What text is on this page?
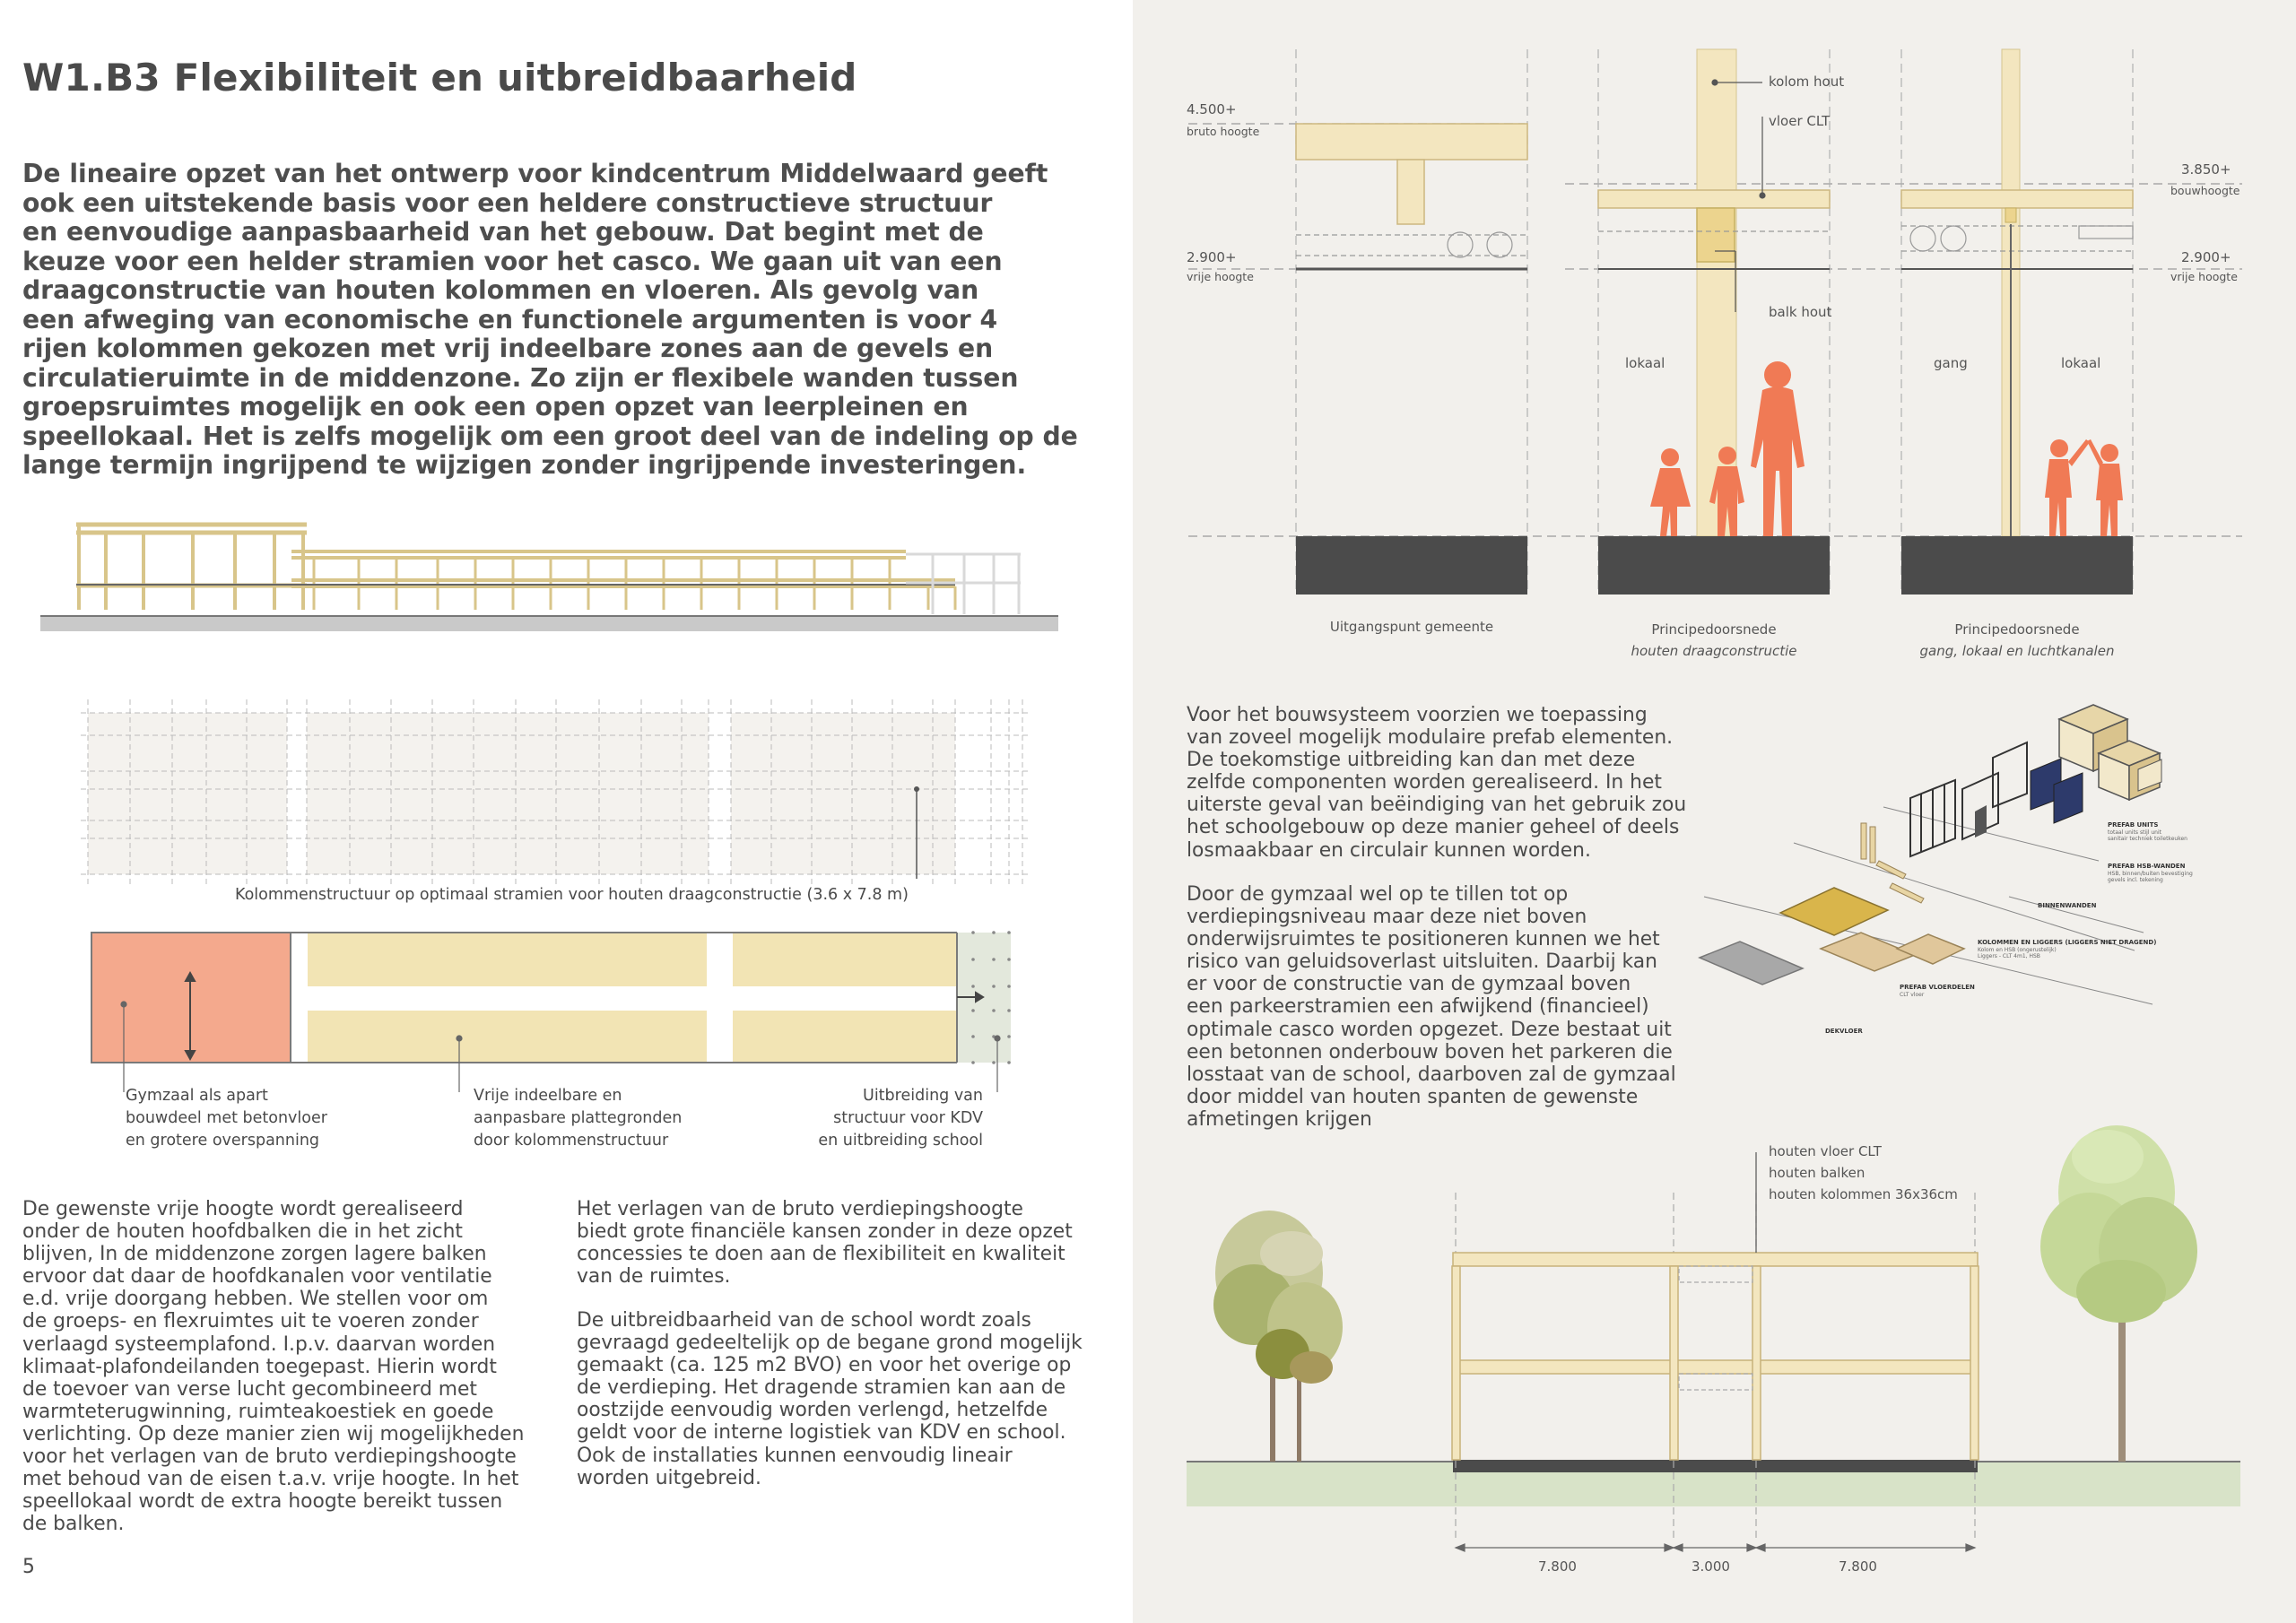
W1.B3 Flexibiliteit en uitbreidbaarheid
De lineaire opzet van het ontwerp voor kindcentrum Middelwaard geeft
ook een uitstekende basis voor een heldere constructieve structuur
en eenvoudige aanpasbaarheid van het gebouw. Dat begint met de
keuze voor een helder stramien voor het casco. We gaan uit van een
draagconstructie van houten kolommen en vloeren. Als gevolg van
een afweging van economische en functionele argumenten is voor 4
rijen kolommen gekozen met vrij indeelbare zones aan de gevels en
circulatieruimte in de middenzone. Zo zijn er flexibele wanden tussen
groepsruimtes mogelijk en ook een open opzet van leerpleinen en
speellokaal. Het is zelfs mogelijk om een groot deel van de indeling op de
lange termijn ingrijpend te wijzigen zonder ingrijpende investeringen.
Kolommenstructuur op optimaal stramien voor houten draagconstructie (3.6 x 7.8 m)
Gymzaal als apart
bouwdeel met betonvloer
en grotere overspanning
Vrije indeelbare en
aanpasbare plattegronden
door kolommenstructuur
Uitbreiding van
structuur voor KDV
en uitbreiding school
De gewenste vrije hoogte wordt gerealiseerd
onder de houten hoofdbalken die in het zicht
blijven, In de middenzone zorgen lagere balken
ervoor dat daar de hoofdkanalen voor ventilatie
e.d. vrije doorgang hebben. We stellen voor om
de groeps- en flexruimtes uit te voeren zonder
verlaagd systeemplafond. I.p.v. daarvan worden
klimaat-plafondeilanden toegepast. Hierin wordt
de toevoer van verse lucht gecombineerd met
warmteterugwinning, ruimteakoestiek en goede
verlichting. Op deze manier zien wij mogelijkheden
voor het verlagen van de bruto verdiepingshoogte
met behoud van de eisen t.a.v. vrije hoogte. In het
speellokaal wordt de extra hoogte bereikt tussen
de balken.
Het verlagen van de bruto verdiepingshoogte
biedt grote financiële kansen zonder in deze opzet
concessies te doen aan de flexibiliteit en kwaliteit
van de ruimtes.
De uitbreidbaarheid van de school wordt zoals
gevraagd gedeeltelijk op de begane grond mogelijk
gemaakt (ca. 125 m2 BVO) en voor het overige op
de verdieping. Het dragende stramien kan aan de
oostzijde eenvoudig worden verlengd, hetzelfde
geldt voor de interne logistiek van KDV en school.
Ook de installaties kunnen eenvoudig lineair
worden uitgebreid.
5
4.500+
bruto hoogte
2.900+
vrije hoogte
3.850+
bouwhoogte
2.900+
vrije hoogte
kolom hout
vloer CLT
balk hout
lokaal	gang	lokaal
Uitgangspunt gemeente	Principedoorsnede
houten draagconstructie
Principedoorsnede
gang, lokaal en luchtkanalen
Voor het bouwsysteem voorzien we toepassing
van zoveel mogelijk modulaire prefab elementen.
De toekomstige uitbreiding kan dan met deze
zelfde componenten worden gerealiseerd. In het
uiterste geval van beëindiging van het gebruik zou
het schoolgebouw op deze manier geheel of deels
losmaakbaar en circulair kunnen worden.
Door de gymzaal wel op te tillen tot op
verdiepingsniveau maar deze niet boven
onderwijsruimtes te positioneren kunnen we het
risico van geluidsoverlast uitsluiten. Daarbij kan
er voor de constructie van de gymzaal boven
een parkeerstramien een afwijkend (financieel)
optimale casco worden opgezet. Deze bestaat uit
een betonnen onderbouw boven het parkeren die
losstaat van de school, daarboven zal de gymzaal
door middel van houten spanten de gewenste
afmetingen krijgen
PREFAB UNITS
totaal units stijl unit
sanitair techniek toiletkeuken
PREFAB HSB-WANDEN
HSB, binnen/buiten bevestiging
gevels incl. tekening
BINNENWANDEN
KOLOMMEN EN LIGGERS (LIGGERS NIET DRAGEND)
Kolom en HSB (ongerustelijk)
Liggers - CLT 4m1, HSB
PREFAB VLOERDELEN
CLT vloer
DEKVLOER
houten vloer CLT
houten balken
houten kolommen 36x36cm
7.800	3.000	7.800
